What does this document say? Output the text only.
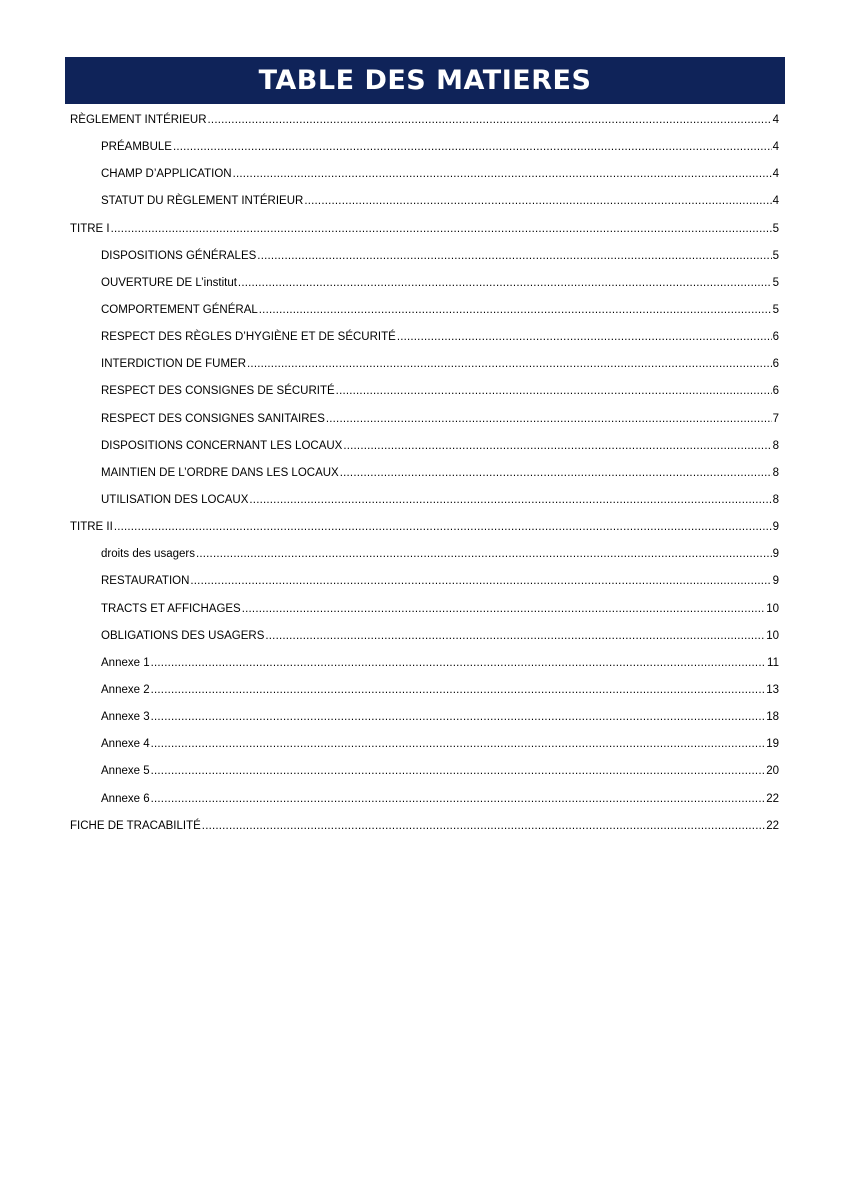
TABLE DES MATIERES
RÈGLEMENT INTÉRIEUR .....	4
PRÉAMBULE .....	4
CHAMP D’APPLICATION .....	4
STATUT DU RÈGLEMENT INTÉRIEUR .....	4
TITRE I .....	5
DISPOSITIONS GÉNÉRALES .....	5
OUVERTURE DE L’institut .....	5
COMPORTEMENT GÉNÉRAL .....	5
RESPECT DES RÈGLES D’HYGIÈNE ET DE SÉCURITÉ .....	6
INTERDICTION DE FUMER .....	6
RESPECT DES CONSIGNES DE SÉCURITÉ .....	6
RESPECT DES CONSIGNES SANITAIRES .....	7
DISPOSITIONS CONCERNANT LES LOCAUX .....	8
MAINTIEN DE L’ORDRE DANS LES LOCAUX .....	8
UTILISATION DES LOCAUX .....	8
TITRE II .....	9
droits des usagers .....	9
RESTAURATION .....	9
TRACTS ET AFFICHAGES .....	10
OBLIGATIONS DES USAGERS .....	10
Annexe 1 .....	11
Annexe 2 .....	13
Annexe 3 .....	18
Annexe 4 .....	19
Annexe 5 .....	20
Annexe 6 .....	22
FICHE DE TRACABILITÉ .....	22
